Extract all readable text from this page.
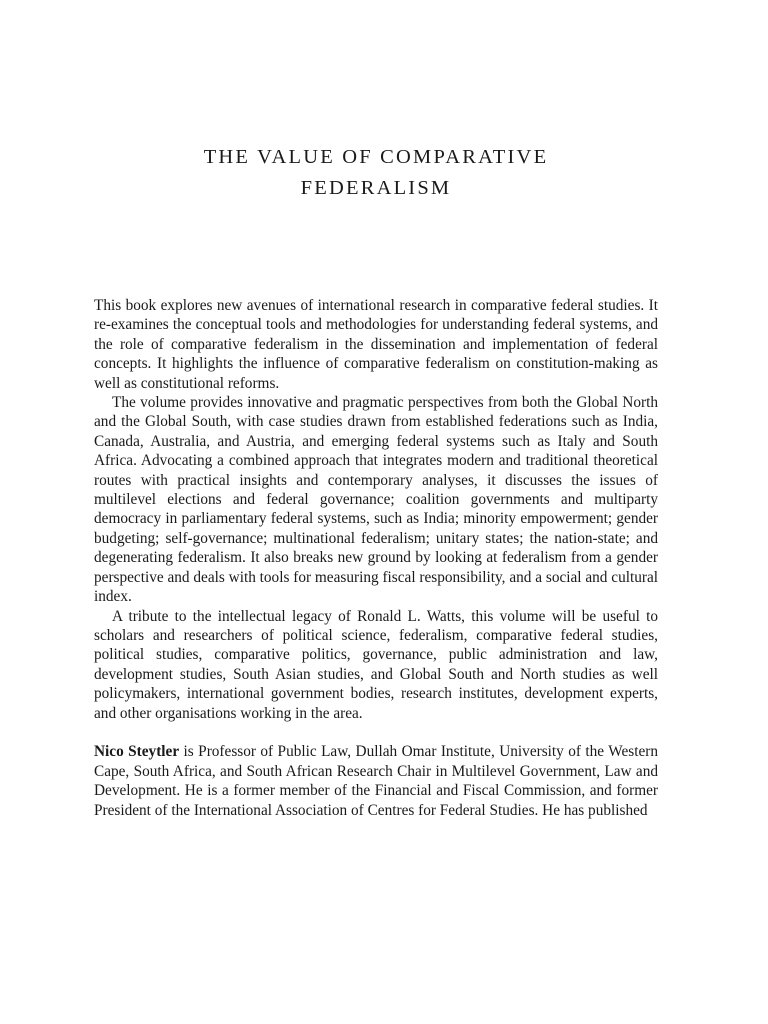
THE VALUE OF COMPARATIVE
FEDERALISM

This book explores new avenues of international research in comparative federal studies. It re-examines the conceptual tools and methodologies for understanding federal systems, and the role of comparative federalism in the dissemination and implementation of federal concepts. It highlights the influence of comparative federalism on constitution-making as well as constitutional reforms.

The volume provides innovative and pragmatic perspectives from both the Global North and the Global South, with case studies drawn from established federations such as India, Canada, Australia, and Austria, and emerging federal systems such as Italy and South Africa. Advocating a combined approach that integrates modern and traditional theoretical routes with practical insights and contemporary analyses, it discusses the issues of multilevel elections and federal governance; coalition governments and multiparty democracy in parliamentary federal systems, such as India; minority empowerment; gender budgeting; self-governance; multinational federalism; unitary states; the nation-state; and degenerating federalism. It also breaks new ground by looking at federalism from a gender perspective and deals with tools for measuring fiscal responsibility, and a social and cultural index.

A tribute to the intellectual legacy of Ronald L. Watts, this volume will be useful to scholars and researchers of political science, federalism, comparative federal studies, political studies, comparative politics, governance, public administration and law, development studies, South Asian studies, and Global South and North studies as well policymakers, international government bodies, research institutes, development experts, and other organisations working in the area.

Nico Steytler is Professor of Public Law, Dullah Omar Institute, University of the Western Cape, South Africa, and South African Research Chair in Multilevel Government, Law and Development. He is a former member of the Financial and Fiscal Commission, and former President of the International Association of Centres for Federal Studies. He has published
